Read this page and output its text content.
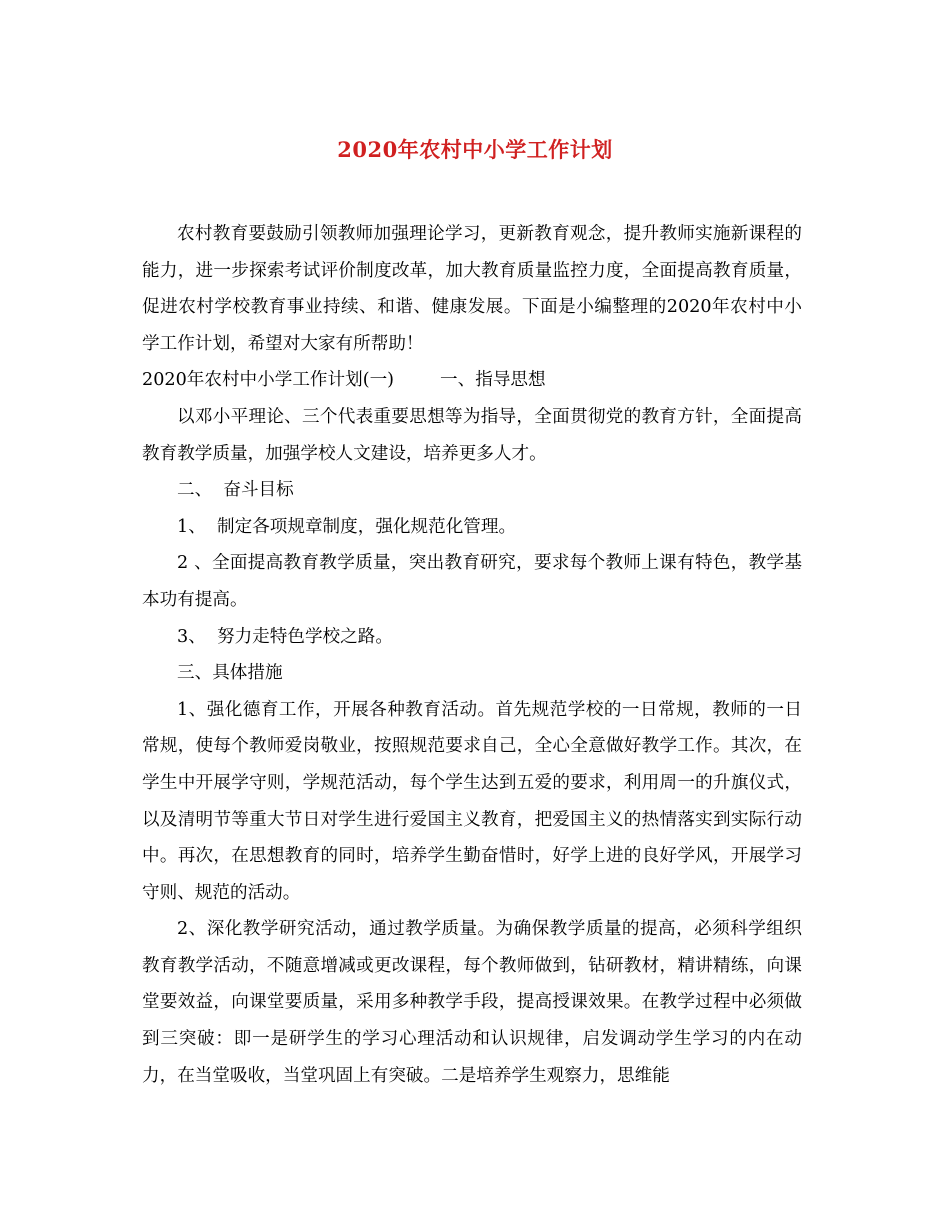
2020年农村中小学工作计划

农村教育要鼓励引领教师加强理论学习，更新教育观念，提升教师实施新课程的能力，进一步探索考试评价制度改革，加大教育质量监控力度，全面提高教育质量，促进农村学校教育事业持续、和谐、健康发展。下面是小编整理的2020年农村中小学工作计划，希望对大家有所帮助！

2020年农村中小学工作计划(一)	一、指导思想

以邓小平理论、三个代表重要思想等为指导，全面贯彻党的教育方针，全面提高教育教学质量，加强学校人文建设，培养更多人才。

二、  奋斗目标

1、  制定各项规章制度，强化规范化管理。

2 、全面提高教育教学质量，突出教育研究，要求每个教师上课有特色，教学基本功有提高。

3、  努力走特色学校之路。

三、具体措施

1、强化德育工作，开展各种教育活动。首先规范学校的一日常规，教师的一日常规，使每个教师爱岗敬业，按照规范要求自己，全心全意做好教学工作。其次，在学生中开展学守则，学规范活动，每个学生达到五爱的要求，利用周一的升旗仪式，以及清明节等重大节日对学生进行爱国主义教育，把爱国主义的热情落实到实际行动中。再次，在思想教育的同时，培养学生勤奋惜时，好学上进的良好学风，开展学习守则、规范的活动。

2、深化教学研究活动，通过教学质量。为确保教学质量的提高，必须科学组织教育教学活动，不随意增减或更改课程，每个教师做到，钻研教材，精讲精练，向课堂要效益，向课堂要质量，采用多种教学手段，提高授课效果。在教学过程中必须做到三突破：即一是研学生的学习心理活动和认识规律，启发调动学生学习的内在动力，在当堂吸收，当堂巩固上有突破。二是培养学生观察力，思维能
